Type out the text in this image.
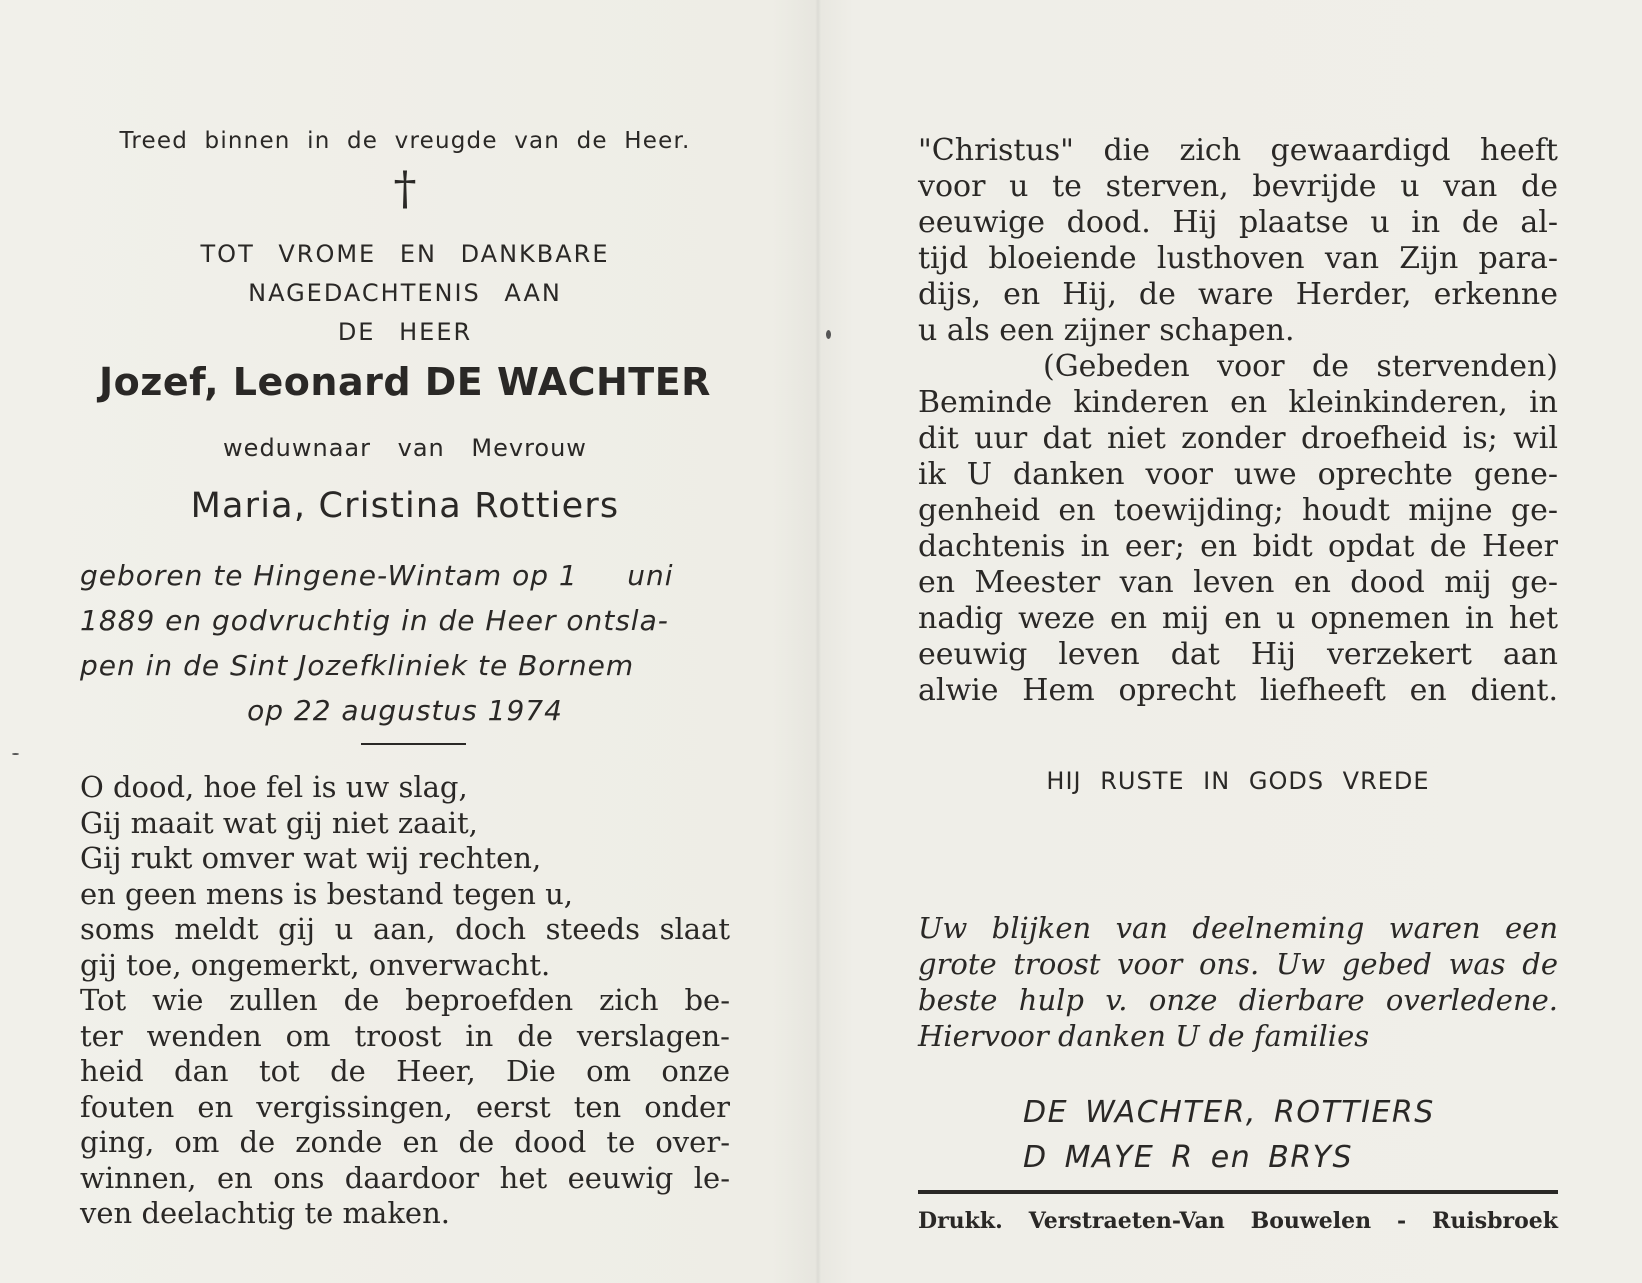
Treed binnen in de vreugde van de Heer.
†
TOT VROME EN DANKBARE
NAGEDACHTENIS AAN
DE HEER
Jozef, Leonard DE WACHTER
weduwnaar van Mevrouw
Maria, Cristina Rottiers
geboren te Hingene-Wintam op 1     uni
1889 en godvruchtig in de Heer ontsla-
pen in de Sint Jozefkliniek te Bornem
op 22 augustus 1974
O dood, hoe fel is uw slag,
Gij maait wat gij niet zaait,
Gij rukt omver wat wij rechten,
en geen mens is bestand tegen u,
soms meldt gij u aan, doch steeds slaat
gij toe, ongemerkt, onverwacht.
Tot wie zullen de beproefden zich be-
ter wenden om troost in de verslagen-
heid dan tot de Heer, Die om onze
fouten en vergissingen, eerst ten onder
ging, om de zonde en de dood te over-
winnen, en ons daardoor het eeuwig le-
ven deelachtig te maken.
"Christus" die zich gewaardigd heeft
voor u te sterven, bevrijde u van de
eeuwige dood. Hij plaatse u in de al-
tijd bloeiende lusthoven van Zijn para-
dijs, en Hij, de ware Herder, erkenne
u als een zijner schapen.
(Gebeden voor de stervenden)
Beminde kinderen en kleinkinderen, in
dit uur dat niet zonder droefheid is; wil
ik U danken voor uwe oprechte gene-
genheid en toewijding; houdt mijne ge-
dachtenis in eer; en bidt opdat de Heer
en Meester van leven en dood mij ge-
nadig weze en mij en u opnemen in het
eeuwig leven dat Hij verzekert aan
alwie Hem oprecht liefheeft en dient.
HIJ RUSTE IN GODS VREDE
Uw blijken van deelneming waren een
grote troost voor ons. Uw gebed was de
beste hulp v. onze dierbare overledene.
Hiervoor danken U de families
DE WACHTER, ROTTIERS
D MAYE R en BRYS
Drukk. Verstraeten-Van Bouwelen - Ruisbroek
